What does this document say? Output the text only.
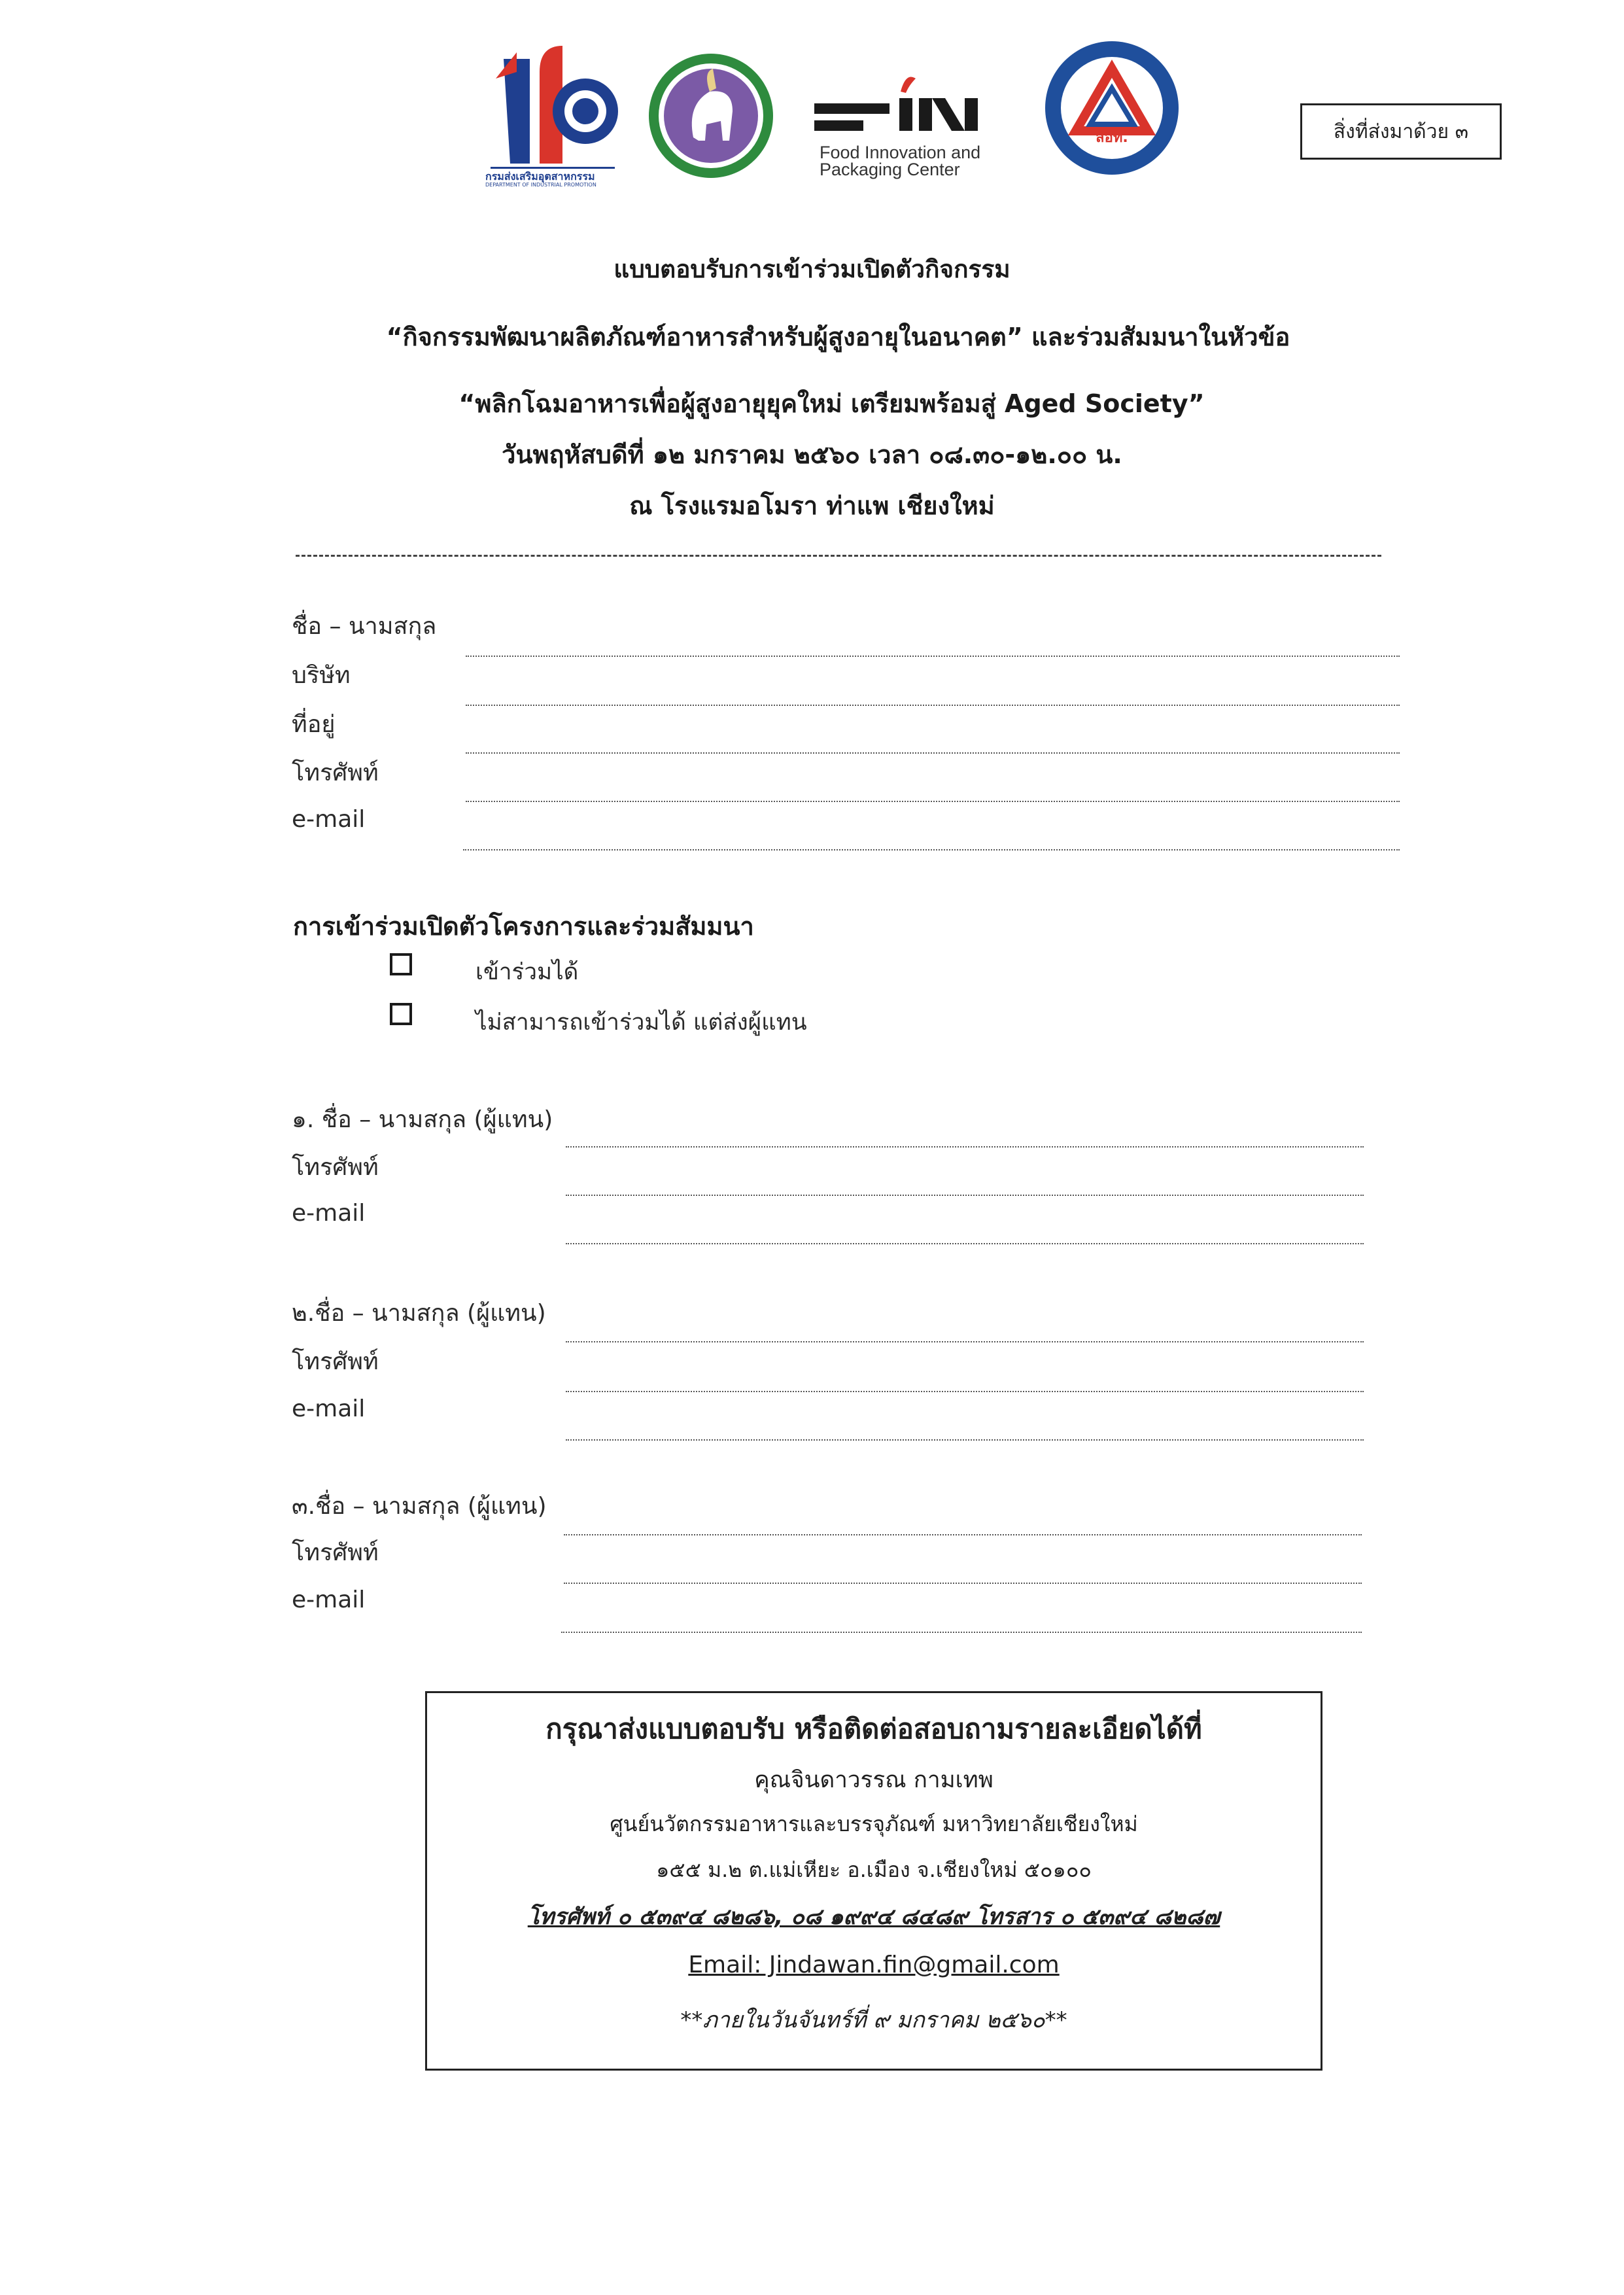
กรมส่งเสริมอุตสาหกรรม
DEPARTMENT OF INDUSTRIAL PROMOTION
Food Innovation and
Packaging Center
สอท.	สิ่งที่ส่งมาด้วย ๓
แบบตอบรับการเข้าร่วมเปิดตัวกิจกรรม
“กิจกรรมพัฒนาผลิตภัณฑ์อาหารสำหรับผู้สูงอายุในอนาคต” และร่วมสัมมนาในหัวข้อ
“พลิกโฉมอาหารเพื่อผู้สูงอายุยุคใหม่ เตรียมพร้อมสู่ Aged Society”
วันพฤหัสบดีที่ ๑๒ มกราคม ๒๕๖๐ เวลา ๐๘.๓๐-๑๒.๐๐ น.
ณ โรงแรมอโมรา ท่าแพ เชียงใหม่
ชื่อ – นามสกุล
บริษัท
ที่อยู่
โทรศัพท์
e-mail
การเข้าร่วมเปิดตัวโครงการและร่วมสัมมนา
เข้าร่วมได้
ไม่สามารถเข้าร่วมได้ แต่ส่งผู้แทน
๑. ชื่อ – นามสกุล (ผู้แทน)
โทรศัพท์
e-mail
๒.ชื่อ – นามสกุล (ผู้แทน)
โทรศัพท์
e-mail
๓.ชื่อ – นามสกุล (ผู้แทน)
โทรศัพท์
e-mail
กรุณาส่งแบบตอบรับ หรือติดต่อสอบถามรายละเอียดได้ที่
คุณจินดาวรรณ กามเทพ
ศูนย์นวัตกรรมอาหารและบรรจุภัณฑ์ มหาวิทยาลัยเชียงใหม่
๑๕๕ ม.๒ ต.แม่เหียะ อ.เมือง จ.เชียงใหม่ ๕๐๑๐๐
โทรศัพท์ ๐ ๕๓๙๔ ๘๒๘๖, ๐๘ ๑๙๙๔ ๘๔๘๙ โทรสาร ๐ ๕๓๙๔ ๘๒๘๗
Email: Jindawan.fin@gmail.com
**ภายในวันจันทร์ที่ ๙ มกราคม ๒๕๖๐**
